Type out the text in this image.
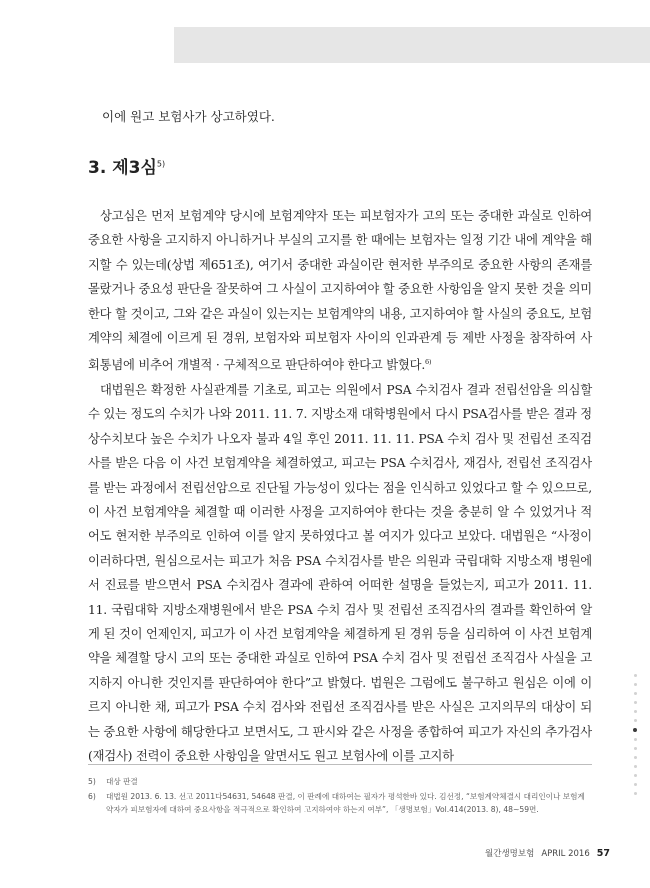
이에 원고 보험사가 상고하였다.
3. 제3심$^{5)}$

상고심은 먼저 보험계약 당시에 보험계약자 또는 피보험자가 고의 또는 중대한 과실로 인하여 중요한 사항을 고지하지 아니하거나 부실의 고지를 한 때에는 보험자는 일정 기간 내에 계약을 해지할 수 있는데(상법 제651조), 여기서 중대한 과실이란 현저한 부주의로 중요한 사항의 존재를 몰랐거나 중요성 판단을 잘못하여 그 사실이 고지하여야 할 중요한 사항임을 알지 못한 것을 의미한다 할 것이고, 그와 같은 과실이 있는지는 보험계약의 내용, 고지하여야 할 사실의 중요도, 보험계약의 체결에 이르게 된 경위, 보험자와 피보험자 사이의 인과관계 등 제반 사정을 참작하여 사회통념에 비추어 개별적 · 구체적으로 판단하여야 한다고 밝혔다.$^{6)}$

대법원은 확정한 사실관계를 기초로, 피고는 의원에서 PSA 수치검사 결과 전립선암을 의심할 수 있는 정도의 수치가 나와 2011. 11. 7. 지방소재 대학병원에서 다시 PSA검사를 받은 결과 정상수치보다 높은 수치가 나오자 불과 4일 후인 2011. 11. 11. PSA 수치 검사 및 전립선 조직검사를 받은 다음 이 사건 보험계약을 체결하였고, 피고는 PSA 수치검사, 재검사, 전립선 조직검사를 받는 과정에서 전립선암으로 진단될 가능성이 있다는 점을 인식하고 있었다고 할 수 있으므로, 이 사건 보험계약을 체결할 때 이러한 사정을 고지하여야 한다는 것을 충분히 알 수 있었거나 적어도 현저한 부주의로 인하여 이를 알지 못하였다고 볼 여지가 있다고 보았다. 대법원은 “사정이 이러하다면, 원심으로서는 피고가 처음 PSA 수치검사를 받은 의원과 국립대학 지방소재 병원에서 진료를 받으면서 PSA 수치검사 결과에 관하여 어떠한 설명을 들었는지, 피고가 2011. 11. 11. 국립대학 지방소재병원에서 받은 PSA 수치 검사 및 전립선 조직검사의 결과를 확인하여 알게 된 것이 언제인지, 피고가 이 사건 보험계약을 체결하게 된 경위 등을 심리하여 이 사건 보험계약을 체결할 당시 고의 또는 중대한 과실로 인하여 PSA 수치 검사 및 전립선 조직검사 사실을 고지하지 아니한 것인지를 판단하여야 한다”고 밝혔다. 법원은 그럼에도 불구하고 원심은 이에 이르지 아니한 채, 피고가 PSA 수치 검사와 전립선 조직검사를 받은 사실은 고지의무의 대상이 되는 중요한 사항에 해당한다고 보면서도, 그 판시와 같은 사정을 종합하여 피고가 자신의 추가검사(재검사) 전력이 중요한 사항임을 알면서도 원고 보험사에 이를 고지하

5)	대상 판결
6)	대법원 2013. 6. 13. 선고 2011다54631, 54648 판결, 이 판례에 대하여는 필자가 평석한바 있다. 김선정, “보험계약체결시 대리인이나 보험계약자가 피보험자에 대하여 중요사항을 적극적으로 확인하여 고지하여야 하는지 여부”, 「생명보험」Vol.414(2013. 8), 48~59면.
월간생명보험 APRIL 2016 57
